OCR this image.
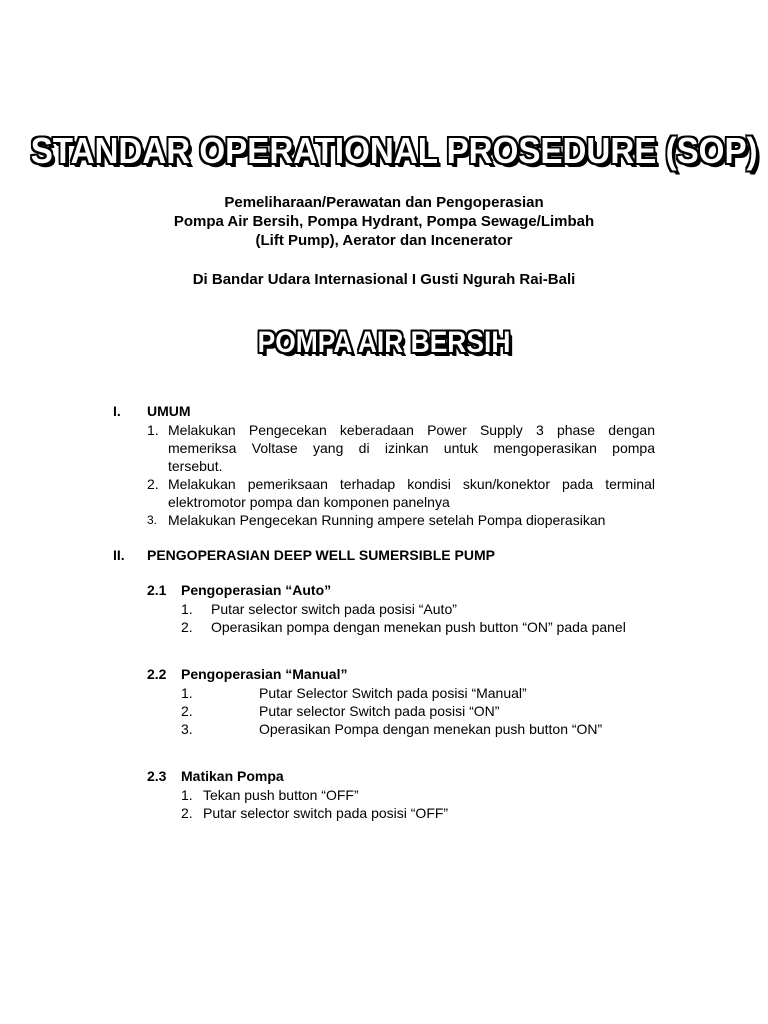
STANDAR OPERATIONAL PROSEDURE (SOP)
Pemeliharaan/Perawatan dan Pengoperasian
Pompa Air Bersih, Pompa Hydrant, Pompa Sewage/Limbah
(Lift Pump), Aerator dan Incenerator
Di Bandar Udara Internasional I Gusti Ngurah Rai-Bali
POMPA AIR BERSIH
I. UMUM
1. Melakukan Pengecekan keberadaan Power Supply 3 phase dengan
memeriksa Voltase yang di izinkan untuk mengoperasikan pompa
tersebut.
2. Melakukan pemeriksaan terhadap kondisi skun/konektor pada terminal
elektromotor pompa dan komponen panelnya
3. Melakukan Pengecekan Running ampere setelah Pompa dioperasikan
II. PENGOPERASIAN DEEP WELL SUMERSIBLE PUMP
2.1 Pengoperasian “Auto”
1. Putar selector switch pada posisi “Auto”
2. Operasikan pompa dengan menekan push button “ON” pada panel
2.2 Pengoperasian “Manual”
1.	Putar Selector Switch pada posisi “Manual”
2.	Putar selector Switch pada posisi “ON”
3.	Operasikan Pompa dengan menekan push button “ON”
2.3 Matikan Pompa
1. Tekan push button “OFF”
2. Putar selector switch pada posisi “OFF”
